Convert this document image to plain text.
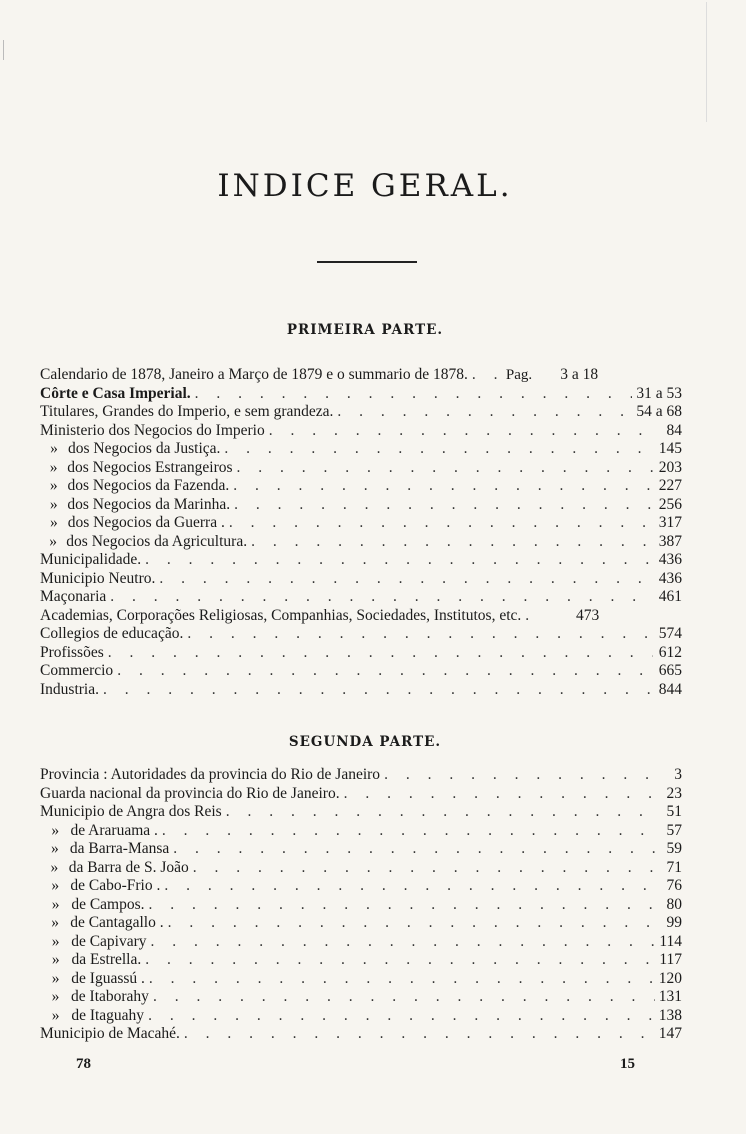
INDICE GERAL.
PRIMEIRA PARTE.
Calendario de 1878, Janeiro a Março de 1879 e o summario de 1878. . . .	Pag.	3 a 18
Côrte e Casa Imperial. . . .	31 a 53
Titulares, Grandes do Imperio, e sem grandeza. . . .	54 a 68
Ministerio dos Negocios do Imperio . . .	84
» dos Negocios da Justiça. . . .	145
» dos Negocios Estrangeiros . . .	203
» dos Negocios da Fazenda. . . .	227
» dos Negocios da Marinha. . . .	256
» dos Negocios da Guerra . . . .	317
» dos Negocios da Agricultura. . . .	387
Municipalidade. . . .	436
Municipio Neutro. . . .	436
Maçonaria . . .	461
Academias, Corporações Religiosas, Companhias, Sociedades, Institutos, etc. . . .	473
Collegios de educação. . . .	574
Profissões . . .	612
Commercio . . .	665
Industria. . . .	844
SEGUNDA PARTE.
Provincia : Autoridades da provincia do Rio de Janeiro . . .	3
Guarda nacional da provincia do Rio de Janeiro. . . .	23
Municipio de Angra dos Reis . . .	51
» de Araruama . . . .	57
» da Barra-Mansa . . .	59
» da Barra de S. João . . .	71
» de Cabo-Frio . . . .	76
» de Campos. . . .	80
» de Cantagallo . . . .	99
» de Capivary . . .	114
» da Estrella. . . .	117
» de Iguassú . . . .	120
» de Itaborahy . . .	131
» de Itaguahy . . .	138
Municipio de Macahé. . . .	147
78	15
